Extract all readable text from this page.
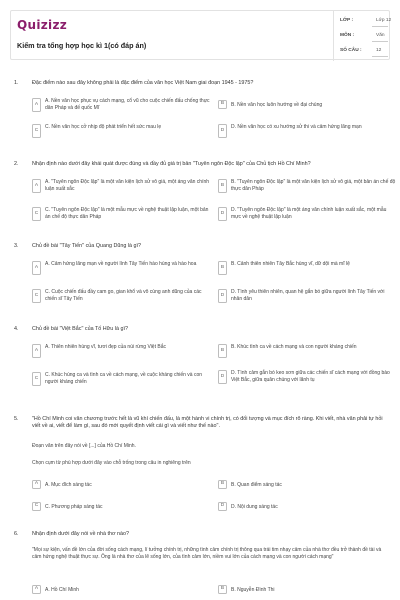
Quizizz
Kiểm tra tổng hợp học kì 1(có đáp án)
LỚP :	Lớp 12
MÔN :	Văn
SỐ CÂU :	12
1.	Đặc điểm nào sau đây không phải là đặc điểm của văn học Việt Nam giai đoạn 1945 - 1975?
A
A. Nền văn học phục vụ cách mạng, cổ vũ cho cuộc chiến đấu chống thực dân Pháp và đế quốc Mĩ
B	B. Nền văn học luôn hướng về đại chúng
C
C. Nền văn học cở nhịp độ phát triển hết sức mau lẹ
D
D. Nền văn học có xu hướng sử thi và cảm hứng lãng mạn
2.	Nhận định nào dưới đây khái quát được đúng và đầy đủ giá trị bản "Tuyên ngôn Độc lập" của Chủ tịch Hồ Chí Minh?
A
A. "Tuyên ngôn Độc lập" là một văn kiện lịch sử vô giá, một áng văn chính luận xuất sắc
B
B. "Tuyên ngôn Độc lập" là một văn kiện lịch sử vô giá, một bản án chế độ thực dân Pháp
C
C. "Tuyên ngôn Độc lập" là một mẫu mực về nghệ thuật lập luận, một bản án chế độ thực dân Pháp
D
D. "Tuyên ngôn Độc lập" là một áng văn chính luận xuất sắc, một mẫu mực về nghệ thuật lập luận
3.	Chủ đề bài "Tây Tiến" của Quang Dũng là gì?
A
A. Cảm hứng lãng mạn về người lính Tây Tiến hào hùng và hào hoa
B
B. Cảnh thiên nhiên Tây Bắc hùng vĩ, dữ dội mà mĩ lệ
C
C. Cuộc chiến đấu đầy cam go, gian khổ và vô cùng anh dũng của các chiến sĩ Tây Tiến
D
D. Tình yêu thiên nhiên, quan hệ gắn bó giữa người lính Tây Tiến với nhân dân
4.	Chủ đề bài "Việt Bắc" của Tố Hữu là gì?
A
A. Thiên nhiên hùng vĩ, tươi đẹp của núi rừng Việt Bắc
B
B. Khúc tình ca về cách mạng và con người kháng chiến
C
C. Khúc hùng ca và tình ca về cách mạng, về cuộc kháng chiến và con người kháng chiến
D
D. Tình cảm gắn bó keo sơn giữa các chiến sĩ cách mạng với đồng bào Việt Bắc, giữa quân chúng với lãnh tụ
5.	"Hồ Chí Minh coi văn chương trước hết là vũ khí chiến đấu, là một hành vi chính trị, có đối tượng và mục đích rõ ràng. Khi viết, nhà văn phải tự hỏi viết về ai, viết để làm gì, sau đó mới quyết định viết cái gì và viết như thế nào".
Đoạn văn trên đây nói về [...] của Hồ Chí Minh.
Chọn cụm từ phù hợp dưới đây vào chỗ trống trong câu in nghiêng trên
A	A. Mục đích sáng tác	B	B. Quan điểm sáng tác
C	C. Phương pháp sáng tác	D	D. Nội dung sáng tác
6.	Nhận định dưới đây nói về nhà thơ nào?
"Mọi sự kiện, vấn đề lớn của đời sống cách mạng, lí tưởng chính trị, những tình cảm chính trị thông qua trái tim nhạy cảm của nhà thơ đều trở thành đề tài và cảm hứng nghệ thuật thực sự. Ông là nhà thơ của lẽ sống lớn, của tình cảm lớn, niềm vui lớn của cách mạng và con người cách mạng"
A	A. Hồ Chí Minh	B	B. Nguyễn Đình Thi
